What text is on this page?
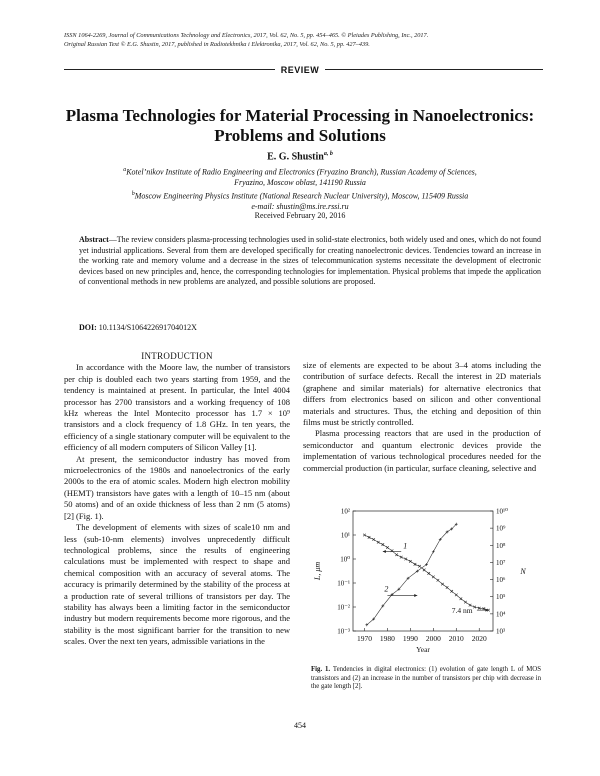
ISSN 1064-2269, Journal of Communications Technology and Electronics, 2017, Vol. 62, No. 5, pp. 454–465. © Pleiades Publishing, Inc., 2017.
Original Russian Text © E.G. Shustin, 2017, published in Radiotekhnika i Elektronika, 2017, Vol. 62, No. 5, pp. 427–439.
REVIEW
Plasma Technologies for Material Processing in Nanoelectronics: Problems and Solutions
E. G. Shustin$^{a, b}$
$^a$Kotel’nikov Institute of Radio Engineering and Electronics (Fryazino Branch), Russian Academy of Sciences,
Fryazino, Moscow oblast, 141190 Russia
$^b$Moscow Engineering Physics Institute (National Research Nuclear University), Moscow, 115409 Russia
e-mail: shustin@ms.ire.rssi.ru
Received February 20, 2016
Abstract—The review considers plasma-processing technologies used in solid-state electronics, both widely used and ones, which do not found yet industrial applications. Several from them are developed specifically for creating nanoelectronic devices. Tendencies toward an increase in the working rate and memory volume and a decrease in the sizes of telecommunication systems necessitate the development of electronic devices based on new principles and, hence, the corresponding technologies for implementation. Physical problems that impede the application of conventional methods in new problems are analyzed, and possible solutions are proposed.
DOI: 10.1134/S106422691704012X

INTRODUCTION

In accordance with the Moore law, the number of transistors per chip is doubled each two years starting from 1959, and the tendency is maintained at present. In particular, the Intel 4004 processor has 2700 transistors and a working frequency of 108 kHz whereas the Intel Montecito processor has 1.7 × 10⁹ transistors and a clock frequency of 1.8 GHz. In ten years, the efficiency of a single stationary computer will be equivalent to the efficiency of all modern computers of Silicon Valley [1].

At present, the semiconductor industry has moved from microelectronics of the 1980s and nanoelectronics of the early 2000s to the era of atomic scales. Modern high electron mobility (HEMT) transistors have gates with a length of 10–15 nm (about 50 atoms) and of an oxide thickness of less than 2 nm (5 atoms) [2] (Fig. 1).

The development of elements with sizes of scale10 nm and less (sub-10-nm elements) involves unprecedently difficult technological problems, since the results of engineering calculations must be implemented with respect to shape and chemical composition with an accuracy of several atoms. The accuracy is primarily determined by the stability of the process at a production rate of several trillions of transistors per day. The stability has always been a limiting factor in the semiconductor industry but modern requirements become more rigorous, and the stability is the most significant barrier for the transition to new scales. Over the next ten years, admissible variations in the

size of elements are expected to be about 3–4 atoms including the contribution of surface defects. Recall the interest in 2D materials (graphene and similar materials) for alternative electronics that differs from electronics based on silicon and other conventional materials and structures. Thus, the etching and deposition of thin films must be strictly controlled.

Plasma processing reactors that are used in the production of semiconductor and quantum electronic devices provide the implementation of various technological procedures needed for the commercial production (in particular, surface cleaning, selective and

1970 1980 1990 2000 2010 2020
10⁻³
10⁻²
10⁻¹
10⁰
10¹
10²
10³
10⁴
10⁵
10⁶
10⁷
10⁸
10⁹
10¹⁰
Year
L, μm	N
1
2
7.4 nm
Fig. 1. Tendencies in digital electronics: (1) evolution of gate length L of MOS transistors and (2) an increase in the number of transistors per chip with decrease in the gate length [2].
454
